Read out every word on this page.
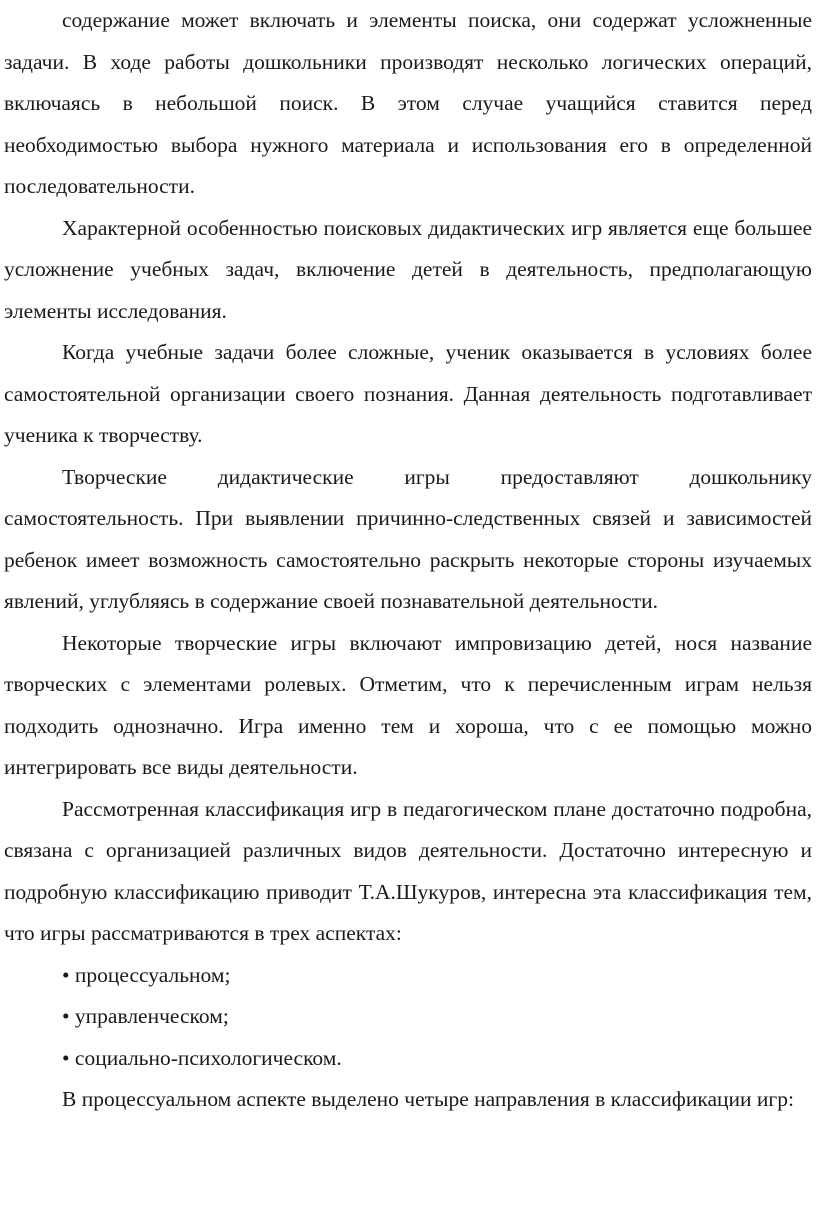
содержание может включать и элементы поиска, они содержат усложненные задачи. В ходе работы дошкольники производят несколько логических операций, включаясь в небольшой поиск. В этом случае учащийся ставится перед необходимостью выбора нужного материала и использования его в определенной последовательности.

Характерной особенностью поисковых дидактических игр является еще большее усложнение учебных задач, включение детей в деятельность, предполагающую элементы исследования.

Когда учебные задачи более сложные, ученик оказывается в условиях более самостоятельной организации своего познания. Данная деятельность подготавливает ученика к творчеству.

Творческие дидактические игры предоставляют дошкольнику самостоятельность. При выявлении причинно-следственных связей и зависимостей ребенок имеет возможность самостоятельно раскрыть некоторые стороны изучаемых явлений, углубляясь в содержание своей познавательной деятельности.

Некоторые творческие игры включают импровизацию детей, нося название творческих с элементами ролевых. Отметим, что к перечисленным играм нельзя подходить однозначно. Игра именно тем и хороша, что с ее помощью можно интегрировать все виды деятельности.

Рассмотренная классификация игр в педагогическом плане достаточно подробна, связана с организацией различных видов деятельности. Достаточно интересную и подробную классификацию приводит Т.А.Шукуров, интересна эта классификация тем, что игры рассматриваются в трех аспектах:

• процессуальном;

• управленческом;

• социально-психологическом.

В процессуальном аспекте выделено четыре направления в классификации игр:
